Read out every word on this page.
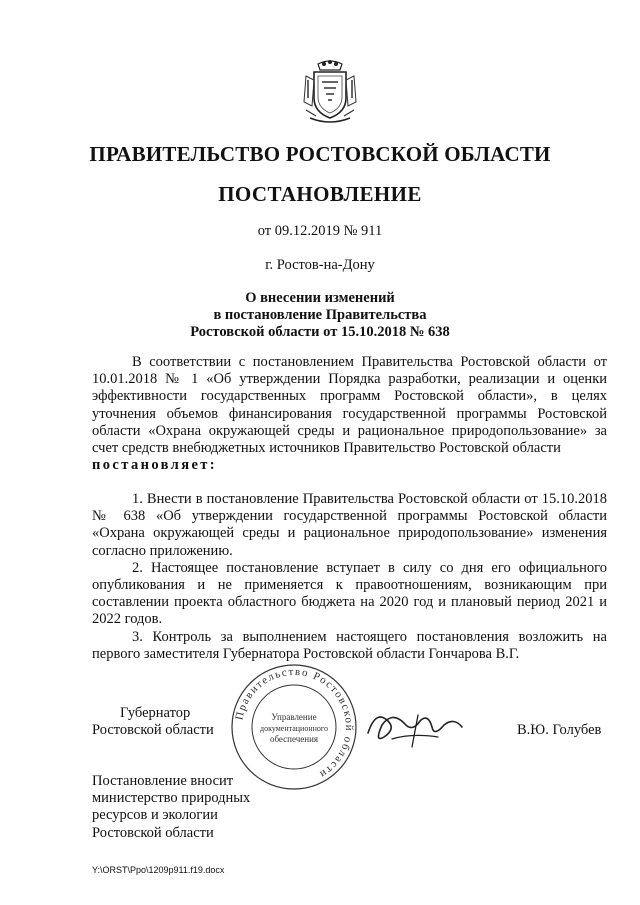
ПРАВИТЕЛЬСТВО РОСТОВСКОЙ ОБЛАСТИ
ПОСТАНОВЛЕНИЕ
от 09.12.2019 № 911
г. Ростов-на-Дону
О внесении изменений
в постановление Правительства
Ростовской области от 15.10.2018 № 638

В соответствии с постановлением Правительства Ростовской области от 10.01.2018 № 1 «Об утверждении Порядка разработки, реализации и оценки эффективности государственных программ Ростовской области», в целях уточнения объемов финансирования государственной программы Ростовской области «Охрана окружающей среды и рациональное природопользование» за счет средств внебюджетных источников Правительство Ростовской области

постановляет:

1. Внести в постановление Правительства Ростовской области от 15.10.2018 № 638 «Об утверждении государственной программы Ростовской области «Охрана окружающей среды и рациональное природопользование» изменения согласно приложению.

2. Настоящее постановление вступает в силу со дня его официального опубликования и не применяется к правоотношениям, возникающим при составлении проекта областного бюджета на 2020 год и плановый период 2021 и 2022 годов.

3. Контроль за выполнением настоящего постановления возложить на первого заместителя Губернатора Ростовской области Гончарова В.Г.

Правительство Ростовской области
Управление
документационного
обеспечения
Губернатор
Ростовской области	В.Ю. Голубев
Постановление вносит
министерство природных
ресурсов и экологии
Ростовской области
Y:\ORST\Ppo\1209p911.f19.docx
